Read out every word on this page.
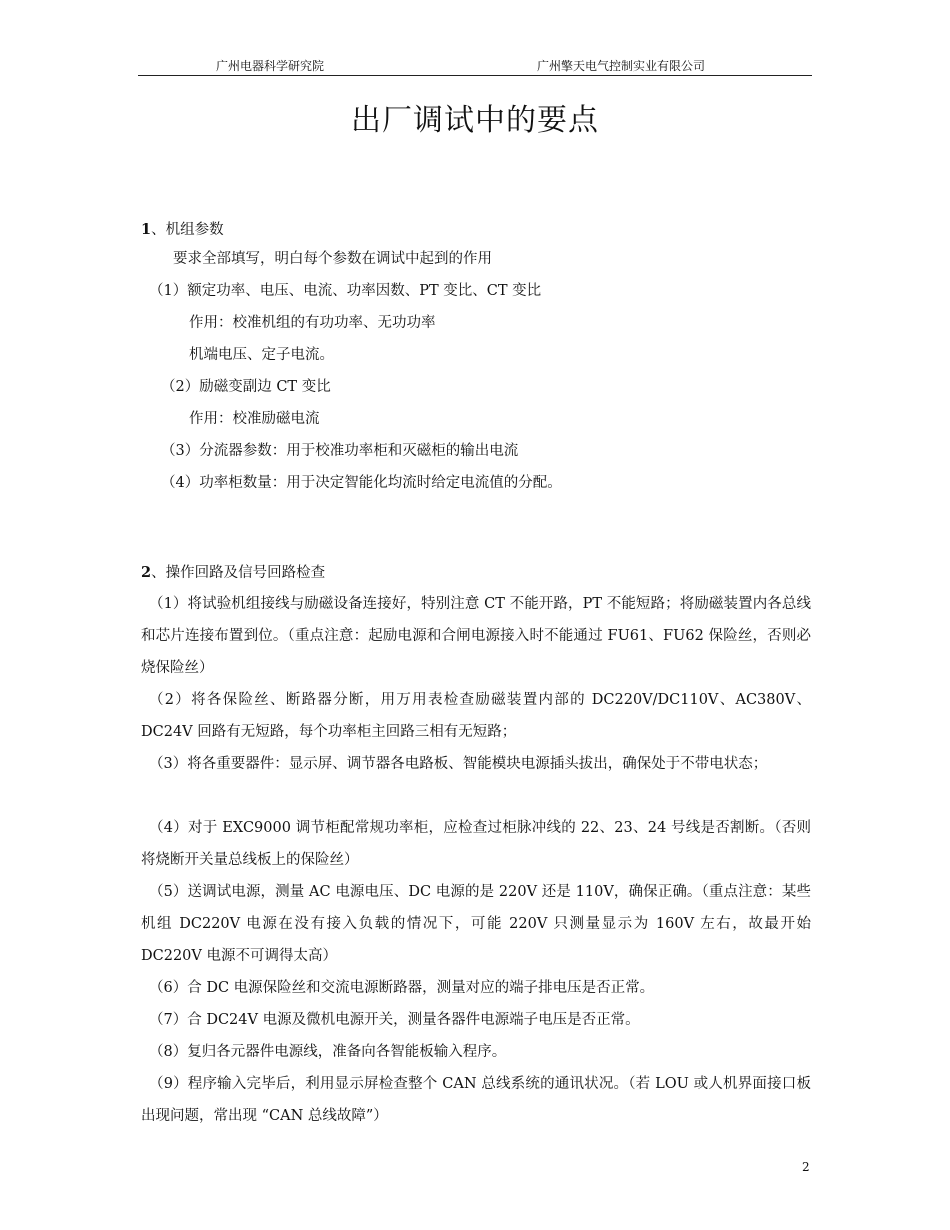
广州电器科学研究院	广州擎天电气控制实业有限公司
出厂调试中的要点
1、机组参数
要求全部填写，明白每个参数在调试中起到的作用
（1）额定功率、电压、电流、功率因数、PT 变比、CT 变比
作用：校准机组的有功功率、无功功率
机端电压、定子电流。
（2）励磁变副边 CT 变比
作用：校准励磁电流
（3）分流器参数：用于校准功率柜和灭磁柜的输出电流
（4）功率柜数量：用于决定智能化均流时给定电流值的分配。
2、操作回路及信号回路检查
（1）将试验机组接线与励磁设备连接好，特别注意 CT 不能开路，PT 不能短路；将励磁装置内各总线和芯片连接布置到位。（重点注意：起励电源和合闸电源接入时不能通过 FU61、FU62 保险丝，否则必烧保险丝）
（2）将各保险丝、断路器分断，用万用表检查励磁装置内部的 DC220V/DC110V、AC380V、DC24V 回路有无短路，每个功率柜主回路三相有无短路；
（3）将各重要器件：显示屏、调节器各电路板、智能模块电源插头拔出，确保处于不带电状态；
（4）对于 EXC9000 调节柜配常规功率柜，应检查过柜脉冲线的 22、23、24 号线是否割断。（否则将烧断开关量总线板上的保险丝）
（5）送调试电源，测量 AC 电源电压、DC 电源的是 220V 还是 110V，确保正确。（重点注意：某些机组 DC220V 电源在没有接入负载的情况下，可能 220V 只测量显示为 160V 左右，故最开始 DC220V 电源不可调得太高）
（6）合 DC 电源保险丝和交流电源断路器，测量对应的端子排电压是否正常。
（7）合 DC24V 电源及微机电源开关，测量各器件电源端子电压是否正常。
（8）复归各元器件电源线，准备向各智能板输入程序。
（9）程序输入完毕后，利用显示屏检查整个 CAN 总线系统的通讯状况。（若 LOU 或人机界面接口板出现问题，常出现 “CAN 总线故障”）
2
